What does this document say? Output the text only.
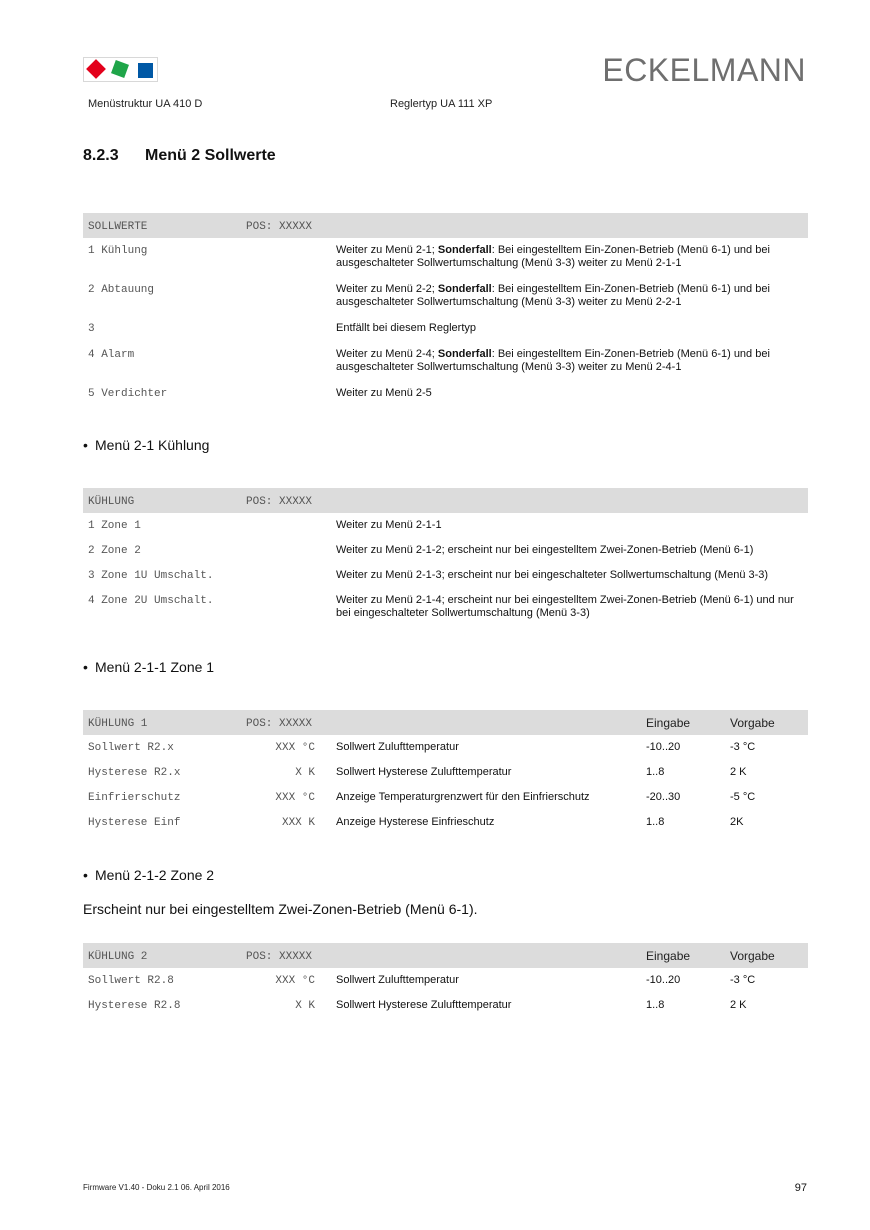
ECKELMANN
Menüstruktur UA 410 D	Reglertyp UA 111 XP
8.2.3 Menü 2 Sollwerte
SOLLWERTE	POS: XXXXX
1 Kühlung	Weiter zu Menü 2-1; Sonderfall: Bei eingestelltem Ein-Zonen-Betrieb (Menü 6-1) und bei ausgeschalteter Sollwertumschaltung (Menü 3-3) weiter zu Menü 2-1-1
2 Abtauung	Weiter zu Menü 2-2; Sonderfall: Bei eingestelltem Ein-Zonen-Betrieb (Menü 6-1) und bei ausgeschalteter Sollwertumschaltung (Menü 3-3) weiter zu Menü 2-2-1
3	Entfällt bei diesem Reglertyp
4 Alarm	Weiter zu Menü 2-4; Sonderfall: Bei eingestelltem Ein-Zonen-Betrieb (Menü 6-1) und bei ausgeschalteter Sollwertumschaltung (Menü 3-3) weiter zu Menü 2-4-1
5 Verdichter	Weiter zu Menü 2-5
• Menü 2-1 Kühlung
KÜHLUNG	POS: XXXXX
1 Zone 1	Weiter zu Menü 2-1-1
2 Zone 2	Weiter zu Menü 2-1-2; erscheint nur bei eingestelltem Zwei-Zonen-Betrieb (Menü 6-1)
3 Zone 1U Umschalt.	Weiter zu Menü 2-1-3; erscheint nur bei eingeschalteter Sollwertumschaltung (Menü 3-3)
4 Zone 2U Umschalt.	Weiter zu Menü 2-1-4; erscheint nur bei eingestelltem Zwei-Zonen-Betrieb (Menü 6-1) und nur bei eingeschalteter Sollwertumschaltung (Menü 3-3)
• Menü 2-1-1 Zone 1
KÜHLUNG 1	POS: XXXXX	Eingabe	Vorgabe
Sollwert R2.x	XXX °C Sollwert Zulufttemperatur	-10..20	-3 °C
Hysterese R2.x	X K Sollwert Hysterese Zulufttemperatur	1..8	2 K
Einfrierschutz	XXX °C Anzeige Temperaturgrenzwert für den Einfrierschutz	-20..30	-5 °C
Hysterese Einf	XXX K Anzeige Hysterese Einfrieschutz	1..8	2K
• Menü 2-1-2 Zone 2
Erscheint nur bei eingestelltem Zwei-Zonen-Betrieb (Menü 6-1).
KÜHLUNG 2	POS: XXXXX	Eingabe	Vorgabe
Sollwert R2.8	XXX °C Sollwert Zulufttemperatur	-10..20	-3 °C
Hysterese R2.8	X K Sollwert Hysterese Zulufttemperatur	1..8	2 K
Firmware V1.40 - Doku 2.1 06. April 2016	97
